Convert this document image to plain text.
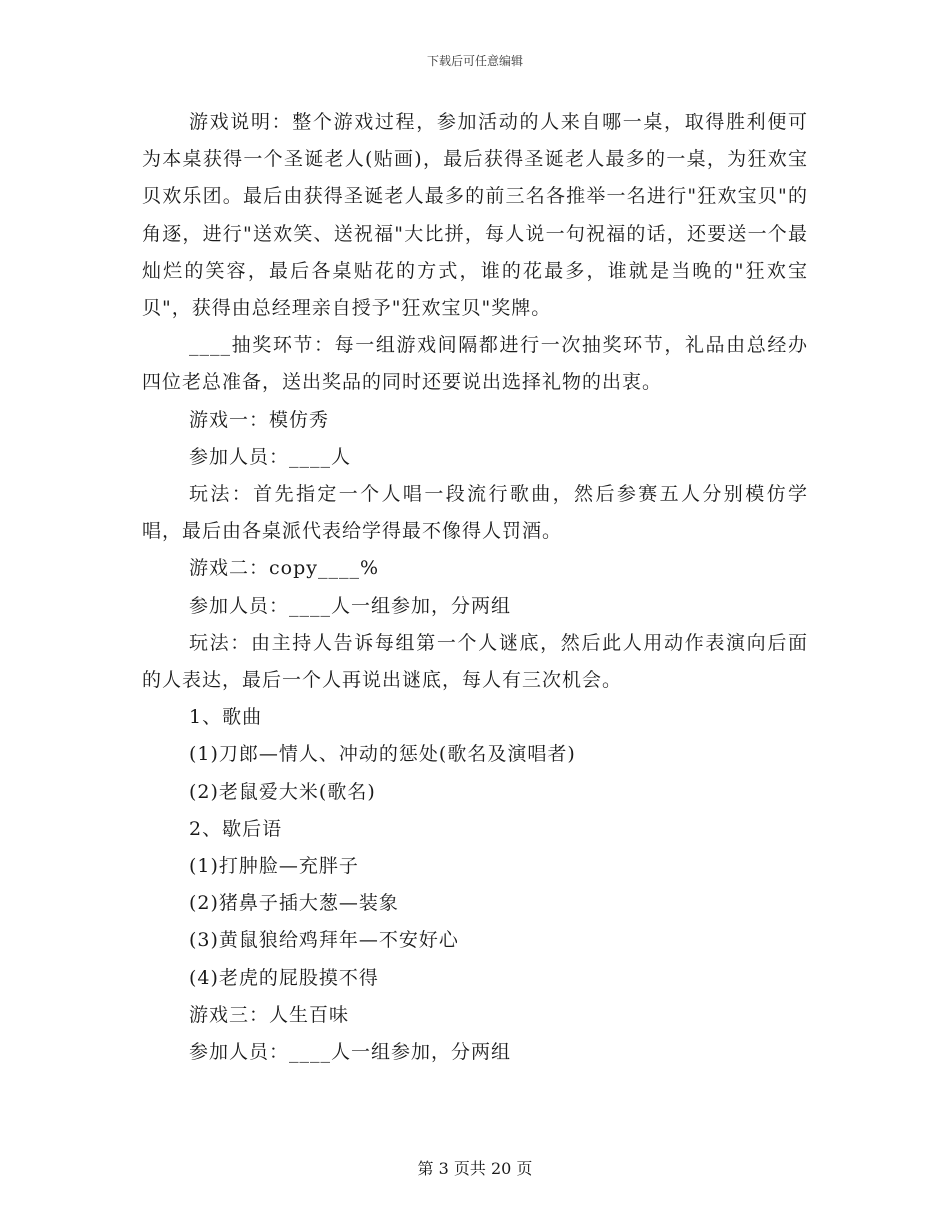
下载后可任意编辑

游戏说明：整个游戏过程，参加活动的人来自哪一桌，取得胜利便可为本桌获得一个圣诞老人(贴画)，最后获得圣诞老人最多的一桌，为狂欢宝贝欢乐团。最后由获得圣诞老人最多的前三名各推举一名进行"狂欢宝贝"的角逐，进行"送欢笑、送祝福"大比拼，每人说一句祝福的话，还要送一个最灿烂的笑容，最后各桌贴花的方式，谁的花最多，谁就是当晚的"狂欢宝贝"，获得由总经理亲自授予"狂欢宝贝"奖牌。

____抽奖环节：每一组游戏间隔都进行一次抽奖环节，礼品由总经办四位老总准备，送出奖品的同时还要说出选择礼物的出衷。

游戏一：模仿秀

参加人员：____人

玩法：首先指定一个人唱一段流行歌曲，然后参赛五人分别模仿学唱，最后由各桌派代表给学得最不像得人罚酒。

游戏二：copy____%

参加人员：____人一组参加，分两组

玩法：由主持人告诉每组第一个人谜底，然后此人用动作表演向后面的人表达，最后一个人再说出谜底，每人有三次机会。

1、歌曲

(1)刀郎—情人、冲动的惩处(歌名及演唱者)

(2)老鼠爱大米(歌名)

2、歇后语

(1)打肿脸—充胖子

(2)猪鼻子插大葱—装象

(3)黄鼠狼给鸡拜年—不安好心

(4)老虎的屁股摸不得

游戏三：人生百味

参加人员：____人一组参加，分两组

第 3 页共 20 页
